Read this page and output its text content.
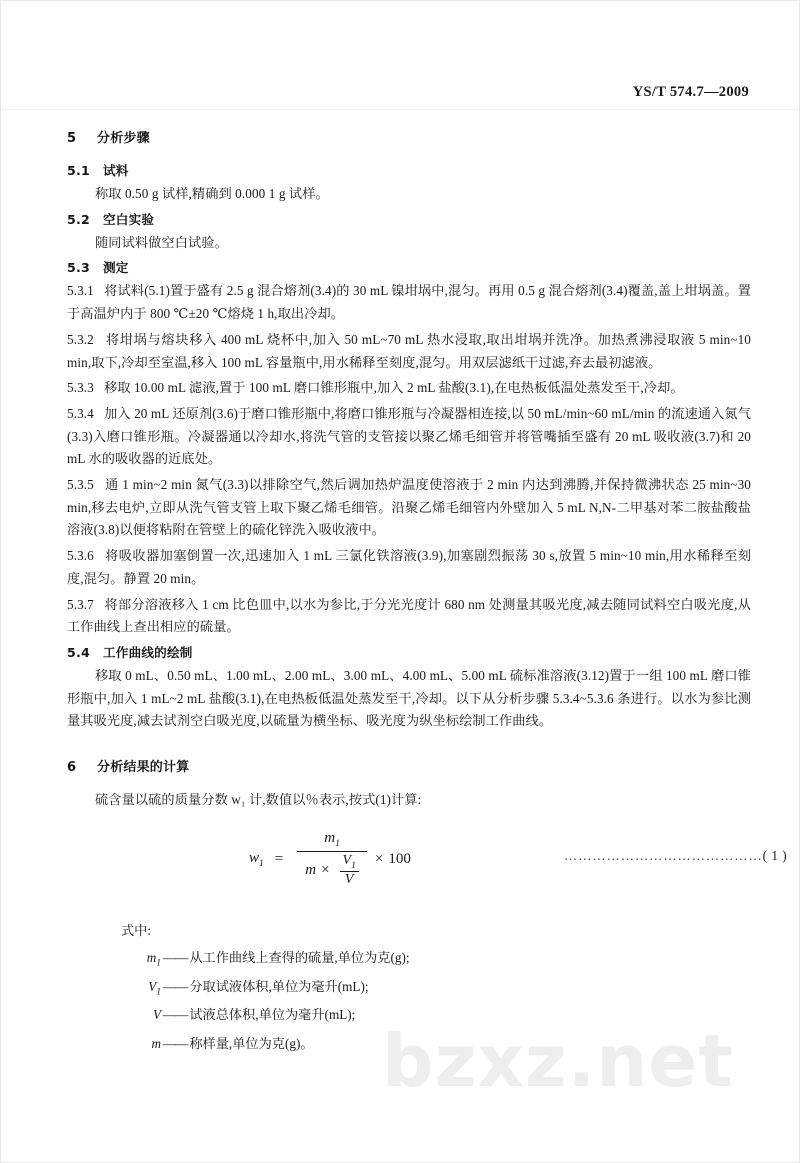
bzxz.net
YS/T 574.7—2009
5 分析步骤
5.1 试料

称取 0.50 g 试样,精确到 0.000 1 g 试样。

5.2 空白实验

随同试料做空白试验。

5.3 测定

5.3.1 将试料(5.1)置于盛有 2.5 g 混合熔剂(3.4)的 30 mL 镍坩埚中,混匀。再用 0.5 g 混合熔剂(3.4)覆盖,盖上坩埚盖。置于高温炉内于 800 ℃±20 ℃熔烧 1 h,取出冷却。

5.3.2 将坩埚与熔块移入 400 mL 烧杯中,加入 50 mL~70 mL 热水浸取,取出坩埚并洗净。加热煮沸浸取液 5 min~10 min,取下,冷却至室温,移入 100 mL 容量瓶中,用水稀释至刻度,混匀。用双层滤纸干过滤,弃去最初滤液。

5.3.3 移取 10.00 mL 滤液,置于 100 mL 磨口锥形瓶中,加入 2 mL 盐酸(3.1),在电热板低温处蒸发至干,冷却。

5.3.4 加入 20 mL 还原剂(3.6)于磨口锥形瓶中,将磨口锥形瓶与冷凝器相连接,以 50 mL/min~60 mL/min 的流速通入氮气(3.3)入磨口锥形瓶。冷凝器通以冷却水,将洗气管的支管接以聚乙烯毛细管并将管嘴插至盛有 20 mL 吸收液(3.7)和 20 mL 水的吸收器的近底处。

5.3.5 通 1 min~2 min 氮气(3.3)以排除空气,然后调加热炉温度使溶液于 2 min 内达到沸腾,并保持微沸状态 25 min~30 min,移去电炉,立即从洗气管支管上取下聚乙烯毛细管。沿聚乙烯毛细管内外壁加入 5 mL N,N-二甲基对苯二胺盐酸盐溶液(3.8)以便将粘附在管壁上的硫化锌洗入吸收液中。

5.3.6 将吸收器加塞倒置一次,迅速加入 1 mL 三氯化铁溶液(3.9),加塞剧烈振荡 30 s,放置 5 min~10 min,用水稀释至刻度,混匀。静置 20 min。

5.3.7 将部分溶液移入 1 cm 比色皿中,以水为参比,于分光光度计 680 nm 处测量其吸光度,减去随同试料空白吸光度,从工作曲线上查出相应的硫量。

5.4 工作曲线的绘制

移取 0 mL、0.50 mL、1.00 mL、2.00 mL、3.00 mL、4.00 mL、5.00 mL 硫标准溶液(3.12)置于一组 100 mL 磨口锥形瓶中,加入 1 mL~2 mL 盐酸(3.1),在电热板低温处蒸发至干,冷却。以下从分析步骤 5.3.4~5.3.6 条进行。以水为参比测量其吸光度,减去试剂空白吸光度,以硫量为横坐标、吸光度为纵坐标绘制工作曲线。

6 分析结果的计算

硫含量以硫的质量分数 w₁ 计,数值以％表示,按式(1)计算:

$w_1$ =
$m_1$
$m \times \frac{V_1}{V} \times 100$	……………………………………( 1 )
式中:
$m_1$ —— 从工作曲线上查得的硫量,单位为克(g);
$V_1$ —— 分取试液体积,单位为毫升(mL);
V —— 试液总体积,单位为毫升(mL);
m —— 称样量,单位为克(g)。
